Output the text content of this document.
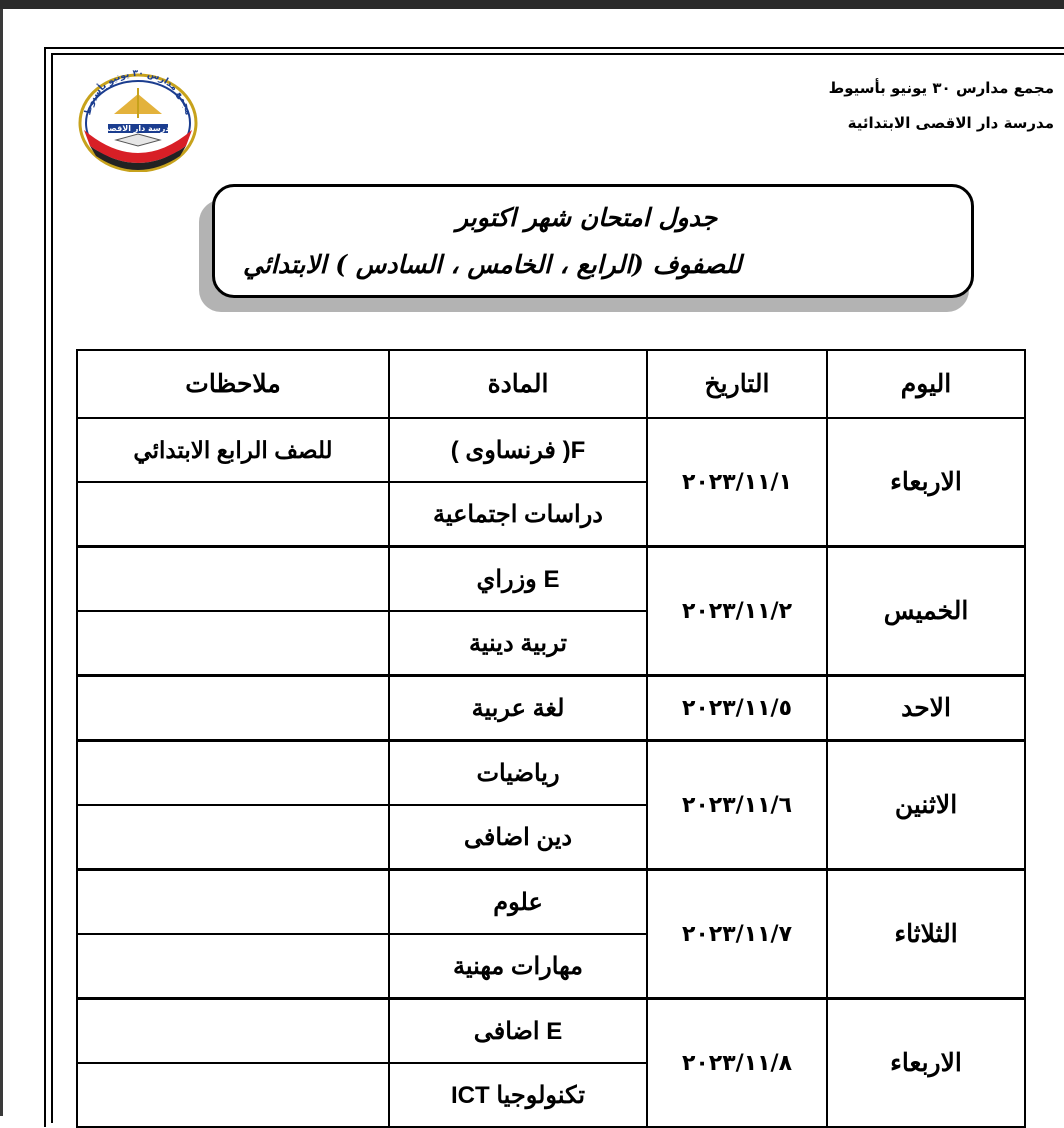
مجمع مدارس ٣٠ يونيو بأسيوط
مدرسة دار الاقصى
مجمع مدارس ٣٠ يونيو بأسيوط
مدرسة دار الاقصى الابتدائية
جدول امتحان شهر اكتوبر
للصفوف (الرابع ، الخامس ، السادس ) الابتدائي
اليوم	التاريخ	المادة	ملاحظات
الاربعاء	٢٠٢٣/١١/١	F( فرنساوى )	للصف الرابع الابتدائي
		دراسات اجتماعية	
الخميس	٢٠٢٣/١١/٢	E وزراي	
		تربية دينية	
الاحد	٢٠٢٣/١١/٥	لغة عربية	
الاثنين	٢٠٢٣/١١/٦	رياضيات	
		دين اضافى	
الثلاثاء	٢٠٢٣/١١/٧	علوم	
		مهارات مهنية	
الاربعاء	٢٠٢٣/١١/٨	E اضافى	
		تكنولوجيا ICT	
